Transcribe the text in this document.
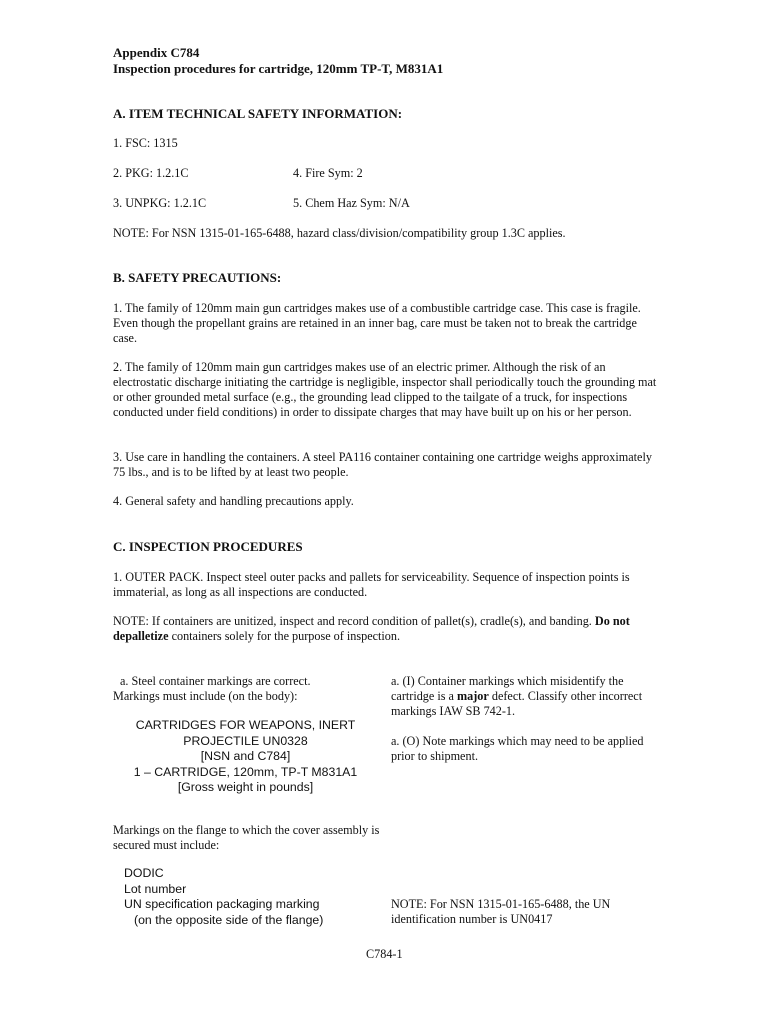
Appendix C784
Inspection procedures for cartridge, 120mm TP-T, M831A1
A. ITEM TECHNICAL SAFETY INFORMATION:
1. FSC: 1315
2. PKG: 1.2.1C	4. Fire Sym: 2
3. UNPKG: 1.2.1C	5. Chem Haz Sym: N/A
NOTE: For NSN 1315-01-165-6488, hazard class/division/compatibility group 1.3C applies.
B. SAFETY PRECAUTIONS:
1. The family of 120mm main gun cartridges makes use of a combustible cartridge case. This case is fragile. Even though the propellant grains are retained in an inner bag, care must be taken not to break the cartridge case.
2. The family of 120mm main gun cartridges makes use of an electric primer. Although the risk of an electrostatic discharge initiating the cartridge is negligible, inspector shall periodically touch the grounding mat or other grounded metal surface (e.g., the grounding lead clipped to the tailgate of a truck, for inspections conducted under field conditions) in order to dissipate charges that may have built up on his or her person.
3. Use care in handling the containers. A steel PA116 container containing one cartridge weighs approximately 75 lbs., and is to be lifted by at least two people.
4. General safety and handling precautions apply.
C. INSPECTION PROCEDURES
1. OUTER PACK. Inspect steel outer packs and pallets for serviceability. Sequence of inspection points is immaterial, as long as all inspections are conducted.
NOTE: If containers are unitized, inspect and record condition of pallet(s), cradle(s), and banding. Do not depalletize containers solely for the purpose of inspection.
a. Steel container markings are correct. Markings must include (on the body):
CARTRIDGES FOR WEAPONS, INERT
PROJECTILE UN0328
[NSN and C784]
1 – CARTRIDGE, 120mm, TP-T M831A1
[Gross weight in pounds]
a. (I) Container markings which misidentify the cartridge is a major defect. Classify other incorrect markings IAW SB 742-1.
a. (O) Note markings which may need to be applied prior to shipment.
Markings on the flange to which the cover assembly is secured must include:
DODIC
Lot number
UN specification packaging marking
(on the opposite side of the flange)
NOTE: For NSN 1315-01-165-6488, the UN identification number is UN0417
C784-1
